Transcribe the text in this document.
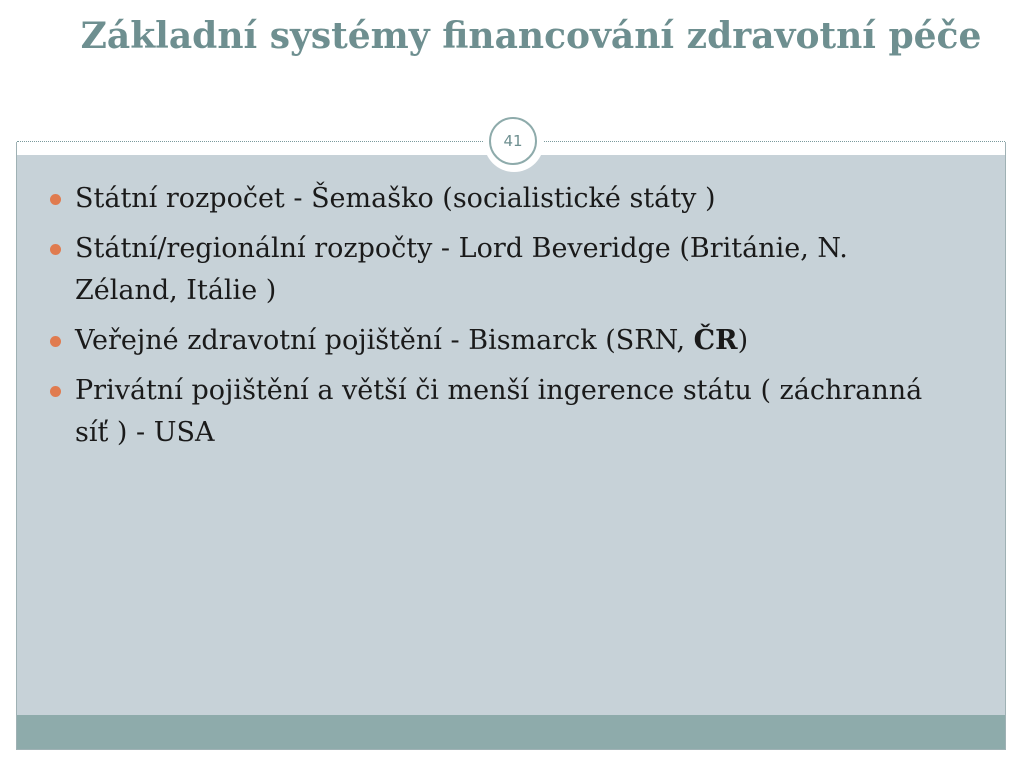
Základní systémy financování zdravotní péče
41
Státní rozpočet - Šemaško (socialistické státy )
Státní/regionální rozpočty - Lord Beveridge (Británie, N. Zéland, Itálie )
Veřejné zdravotní pojištění - Bismarck (SRN, ČR)
Privátní pojištění a větší či menší ingerence státu ( záchranná síť ) - USA
